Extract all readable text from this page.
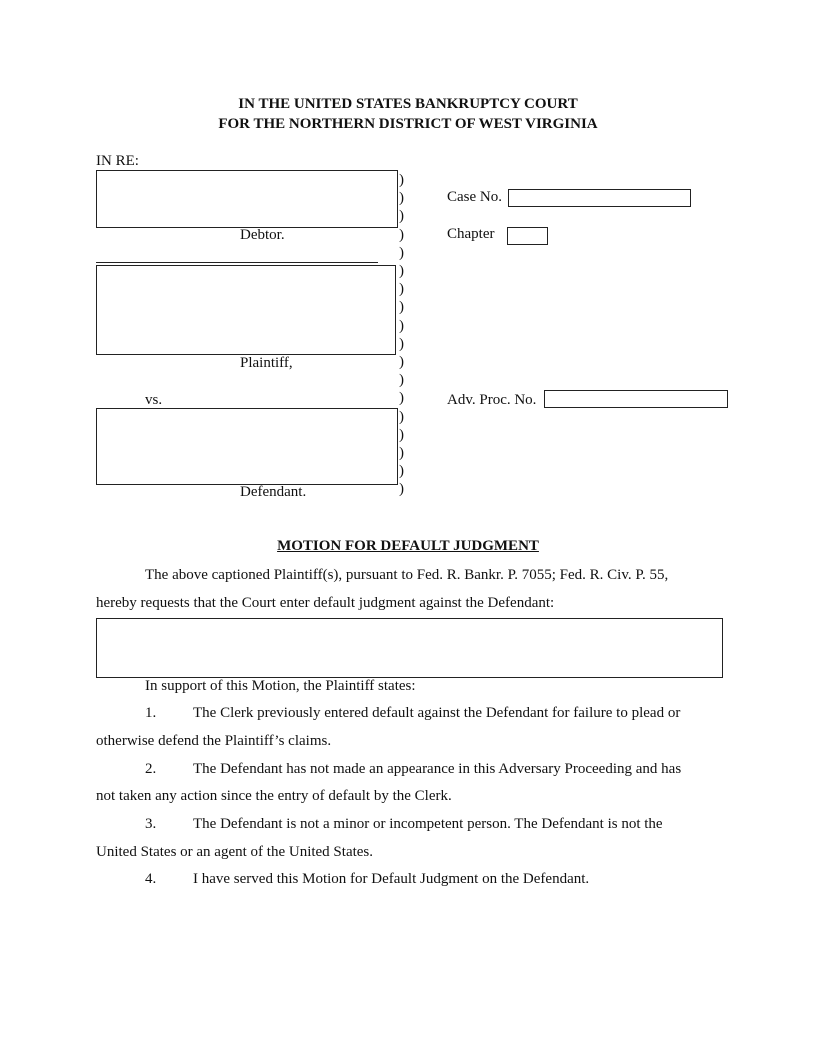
IN THE UNITED STATES BANKRUPTCY COURT
FOR THE NORTHERN DISTRICT OF WEST VIRGINIA
IN RE:
Debtor.
Plaintiff,
vs.
Defendant.
)
)
)
)
)
)
)
)
)
)
)
)
)
)
)
)
)
)
Case No.
Chapter
Adv. Proc. No.
MOTION FOR DEFAULT JUDGMENT
The above captioned Plaintiff(s), pursuant to Fed. R. Bankr. P. 7055; Fed. R. Civ. P. 55,
hereby requests that the Court enter default judgment against the Defendant:
In support of this Motion, the Plaintiff states:
1. The Clerk previously entered default against the Defendant for failure to plead or
otherwise defend the Plaintiff’s claims.
2. The Defendant has not made an appearance in this Adversary Proceeding and has
not taken any action since the entry of default by the Clerk.
3. The Defendant is not a minor or incompetent person. The Defendant is not the
United States or an agent of the United States.
4. I have served this Motion for Default Judgment on the Defendant.
